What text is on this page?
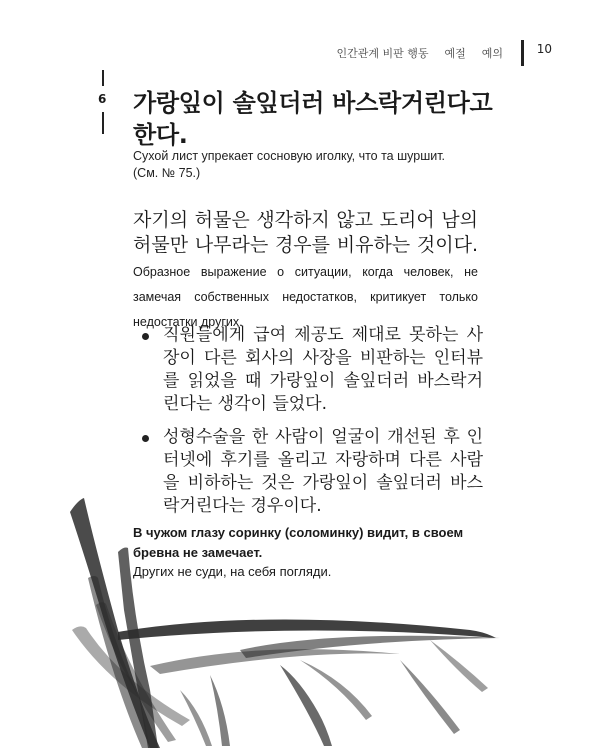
인간관계 비판 행동 예절 예의	10
6 가랑잎이 솔잎더러 바스락거린다고 한다.

Сухой лист упрекает сосновую иголку, что та шуршит. (См. № 75.)

자기의 허물은 생각하지 않고 도리어 남의 허물만 나무라는 경우를 비유하는 것이다. Образное выражение о ситуации, когда человек, не замечая собственных недостатков, критикует только недостатки других.

직원들에게 급여 제공도 제대로 못하는 사장이 다른 회사의 사장을 비판하는 인터뷰를 읽었을 때 가랑잎이 솔잎더러 바스락거린다는 생각이 들었다.
성형수술을 한 사람이 얼굴이 개선된 후 인터넷에 후기를 올리고 자랑하며 다른 사람을 비하하는 것은 가랑잎이 솔잎더러 바스락거린다는 경우이다.

В чужом глазу соринку (соломинку) видит, в своем бревна не замечает.

Других не суди, на себя погляди.
